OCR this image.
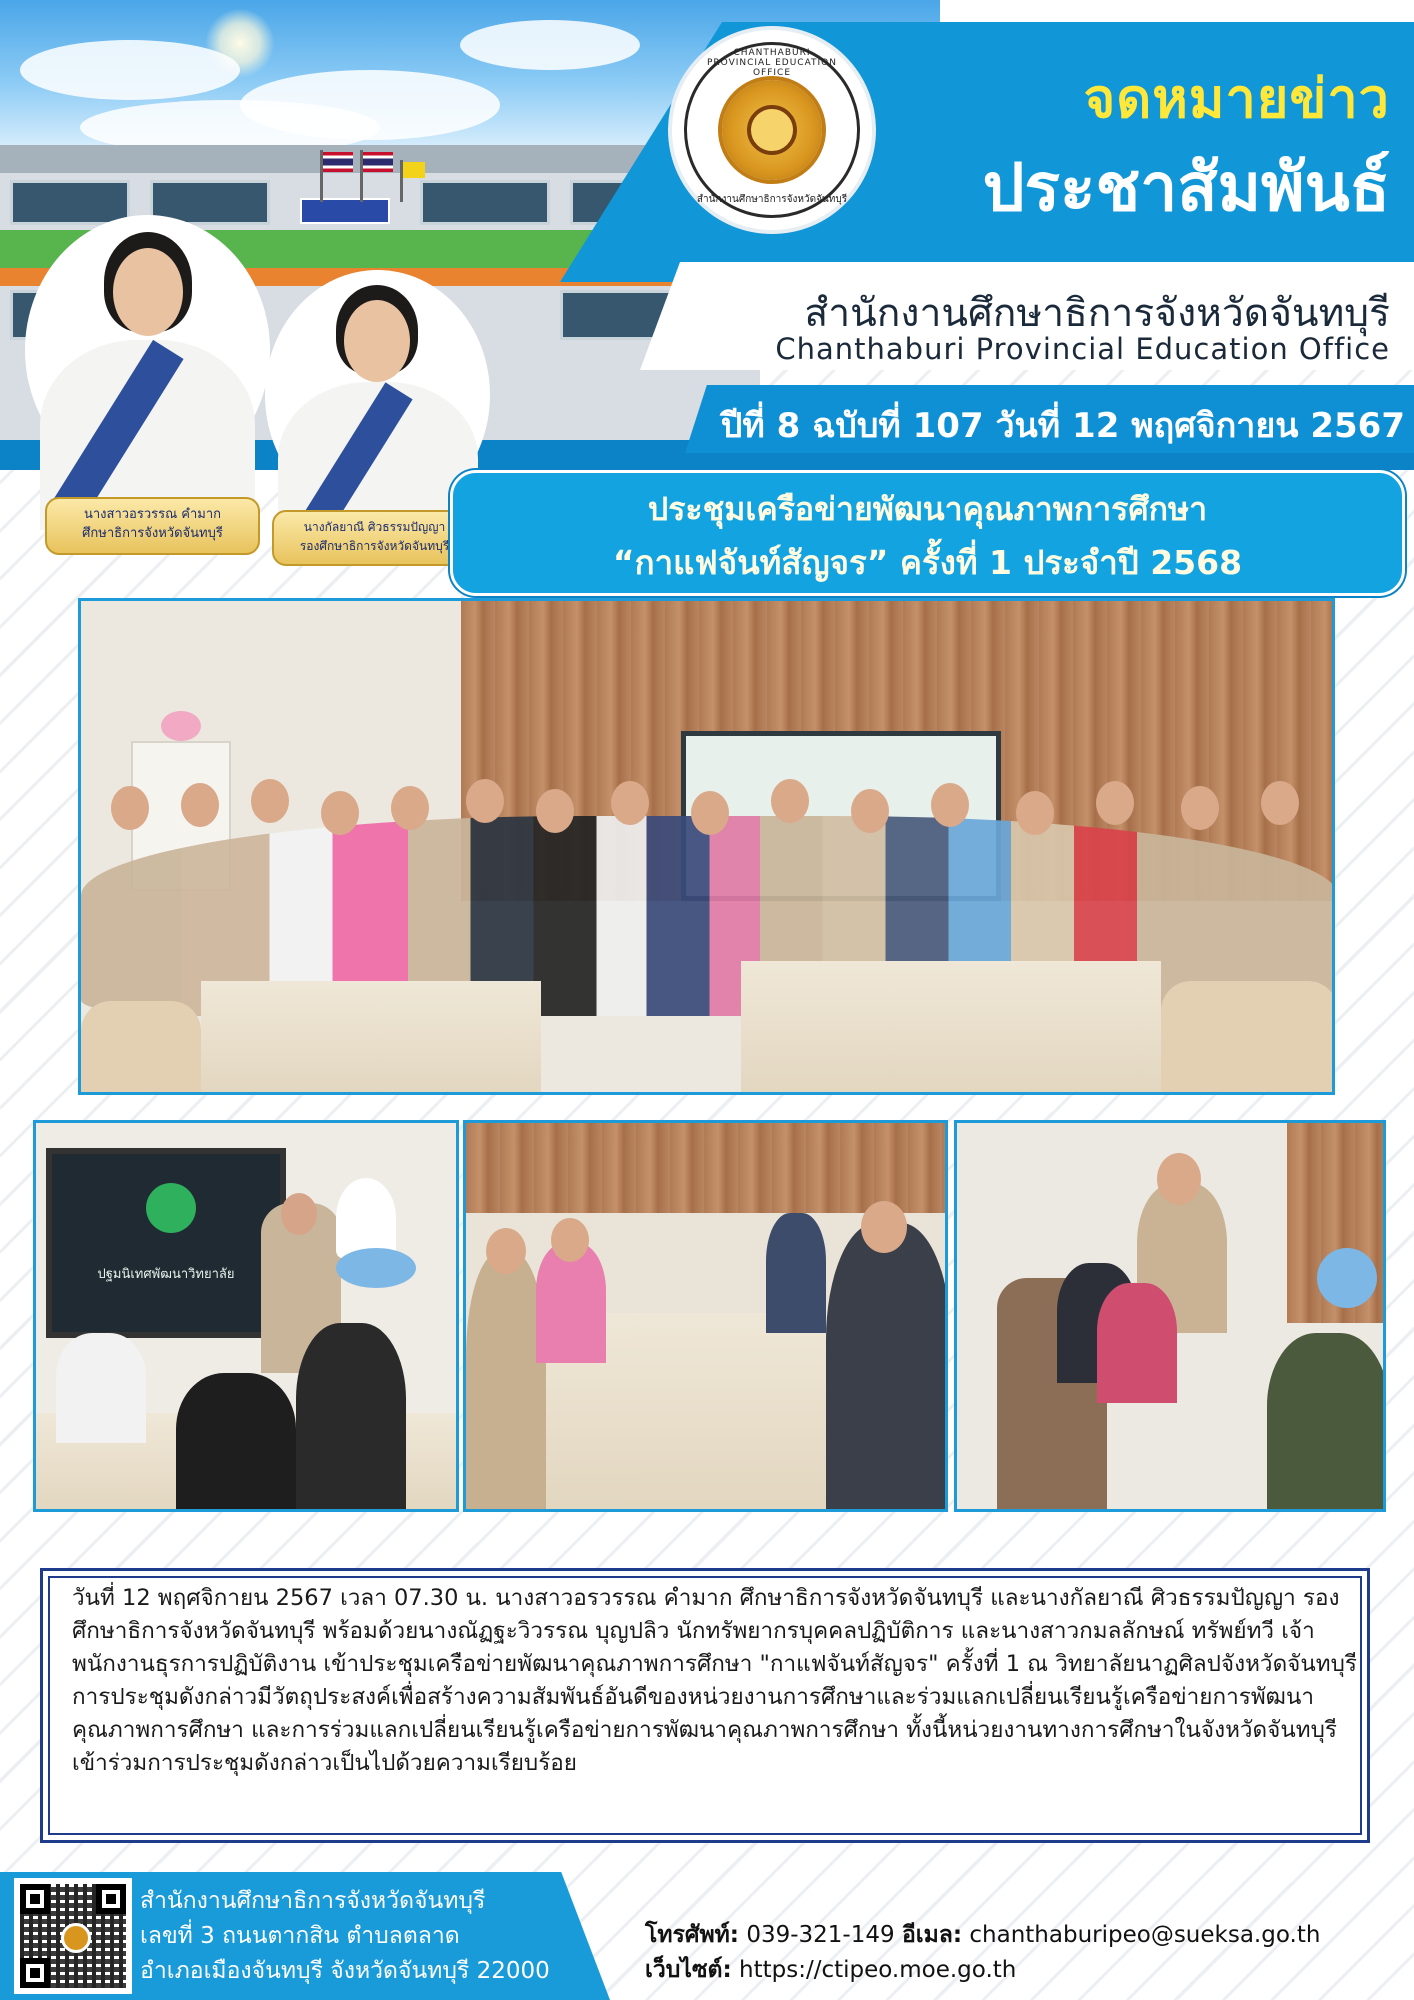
CHANTHABURI PROVINCIAL EDUCATION OFFICE
สำนักงานศึกษาธิการจังหวัดจันทบุรี
จดหมายข่าว
ประชาสัมพันธ์
สำนักงานศึกษาธิการจังหวัดจันทบุรี
Chanthaburi Provincial Education Office
ปีที่ 8 ฉบับที่ 107 วันที่ 12 พฤศจิกายน 2567
นางสาวอรวรรณ คำมาก
ศึกษาธิการจังหวัดจันทบุรี	นางกัลยาณี ศิวธรรมปัญญา
รองศึกษาธิการจังหวัดจันทบุรี
ประชุมเครือข่ายพัฒนาคุณภาพการศึกษา
“กาแฟจันท์สัญจร” ครั้งที่ 1 ประจำปี 2568
ปฐมนิเทศพัฒนาวิทยาลัย
วันที่ 12 พฤศจิกายน 2567 เวลา 07.30 น. นางสาวอรวรรณ คำมาก ศึกษาธิการจังหวัดจันทบุรี และนางกัลยาณี ศิวธรรมปัญญา รองศึกษาธิการจังหวัดจันทบุรี พร้อมด้วยนางณัฏฐะวิวรรณ บุญปลิว นักทรัพยากรบุคคลปฏิบัติการ และนางสาวกมลลักษณ์ ทรัพย์ทวี เจ้าพนักงานธุรการปฏิบัติงาน เข้าประชุมเครือข่ายพัฒนาคุณภาพการศึกษา "กาแฟจันท์สัญจร" ครั้งที่ 1 ณ วิทยาลัยนาฏศิลปจังหวัดจันทบุรี การประชุมดังกล่าวมีวัตถุประสงค์เพื่อสร้างความสัมพันธ์อันดีของหน่วยงานการศึกษาและร่วมแลกเปลี่ยนเรียนรู้เครือข่ายการพัฒนาคุณภาพการศึกษา และการร่วมแลกเปลี่ยนเรียนรู้เครือข่ายการพัฒนาคุณภาพการศึกษา ทั้งนี้หน่วยงานทางการศึกษาในจังหวัดจันทบุรี เข้าร่วมการประชุมดังกล่าวเป็นไปด้วยความเรียบร้อย
สำนักงานศึกษาธิการจังหวัดจันทบุรี
เลขที่ 3 ถนนตากสิน ตำบลตลาด
อำเภอเมืองจันทบุรี จังหวัดจันทบุรี 22000
โทรศัพท์: 039-321-149 อีเมล: chanthaburipeo@sueksa.go.th
เว็บไซต์: https://ctipeo.moe.go.th
